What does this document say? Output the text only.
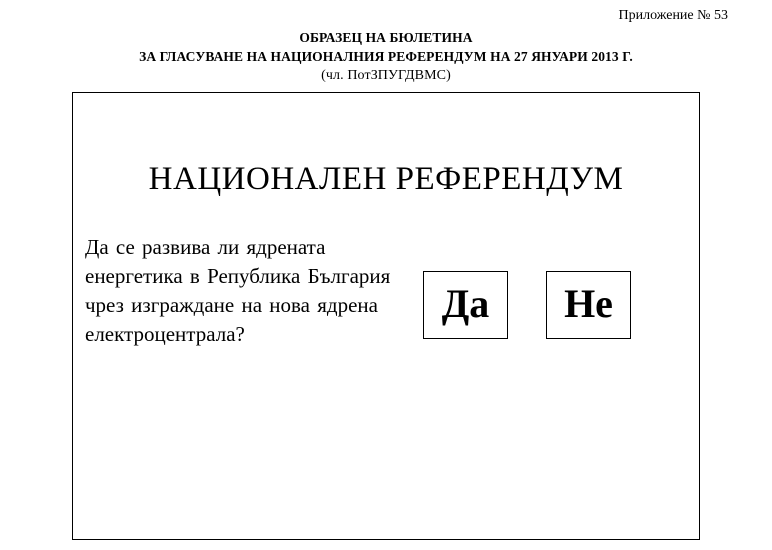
Приложение № 53
ОБРАЗЕЦ НА БЮЛЕТИНА
ЗА ГЛАСУВАНЕ НА НАЦИОНАЛНИЯ РЕФЕРЕНДУМ НА 27 ЯНУАРИ 2013 Г.
(чл. ПотЗПУГДВМС)
НАЦИОНАЛЕН РЕФЕРЕНДУМ
Да се развива ли ядрената енергетика в Република България чрез изграждане на нова ядрена електроцентрала?
Да Не
